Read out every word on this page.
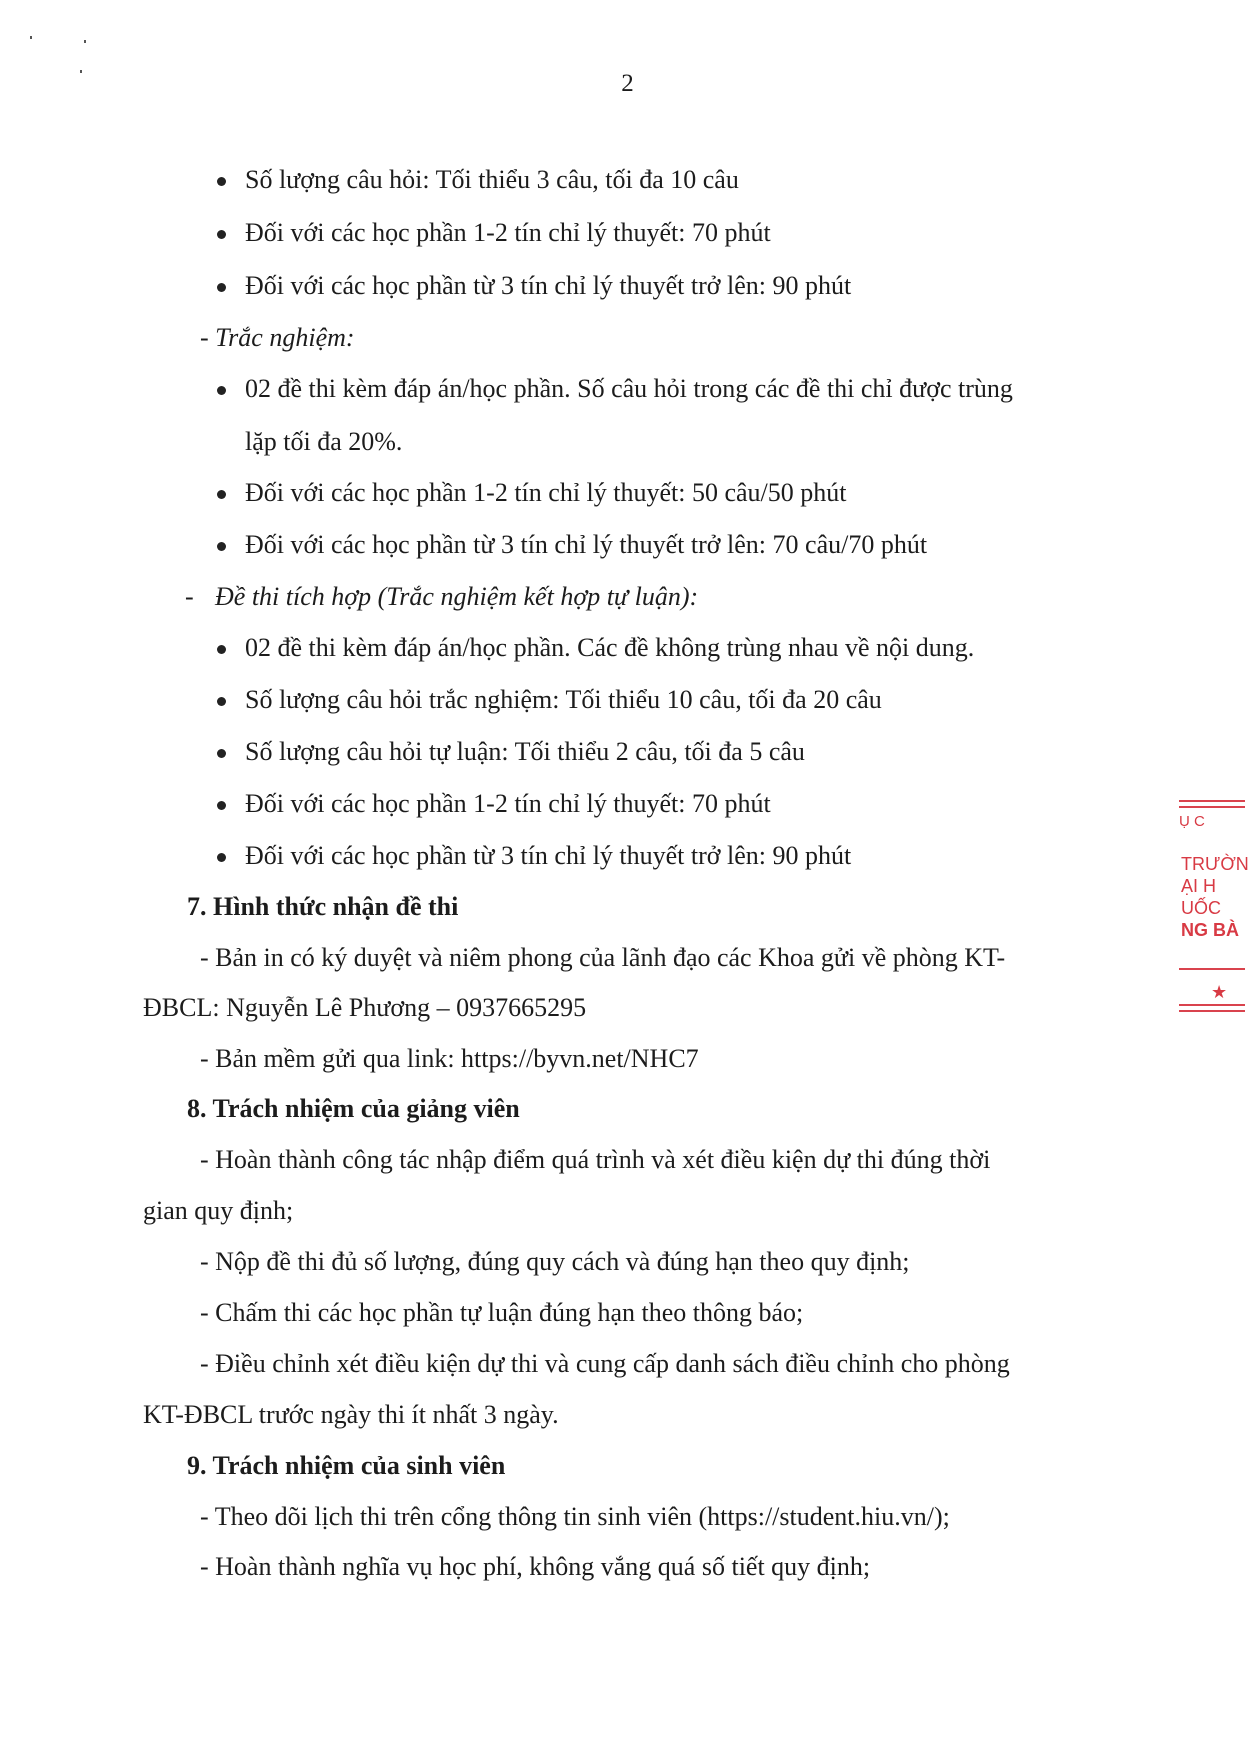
2
Số lượng câu hỏi: Tối thiểu 3 câu, tối đa 10 câu
Đối với các học phần 1-2 tín chỉ lý thuyết: 70 phút
Đối với các học phần từ 3 tín chỉ lý thuyết trở lên: 90 phút
- Trắc nghiệm:
02 đề thi kèm đáp án/học phần. Số câu hỏi trong các đề thi chỉ được trùng
lặp tối đa 20%.
Đối với các học phần 1-2 tín chỉ lý thuyết: 50 câu/50 phút
Đối với các học phần từ 3 tín chỉ lý thuyết trở lên: 70 câu/70 phút
- Đề thi tích hợp (Trắc nghiệm kết hợp tự luận):
02 đề thi kèm đáp án/học phần. Các đề không trùng nhau về nội dung.
Số lượng câu hỏi trắc nghiệm: Tối thiểu 10 câu, tối đa 20 câu
Số lượng câu hỏi tự luận: Tối thiểu 2 câu, tối đa 5 câu
Đối với các học phần 1-2 tín chỉ lý thuyết: 70 phút
Đối với các học phần từ 3 tín chỉ lý thuyết trở lên: 90 phút
7. Hình thức nhận đề thi
- Bản in có ký duyệt và niêm phong của lãnh đạo các Khoa gửi về phòng KT-
ĐBCL: Nguyễn Lê Phương – 0937665295
- Bản mềm gửi qua link: https://byvn.net/NHC7
8. Trách nhiệm của giảng viên
- Hoàn thành công tác nhập điểm quá trình và xét điều kiện dự thi đúng thời
gian quy định;
- Nộp đề thi đủ số lượng, đúng quy cách và đúng hạn theo quy định;
- Chấm thi các học phần tự luận đúng hạn theo thông báo;
- Điều chỉnh xét điều kiện dự thi và cung cấp danh sách điều chỉnh cho phòng
KT-ĐBCL trước ngày thi ít nhất 3 ngày.
9. Trách nhiệm của sinh viên
- Theo dõi lịch thi trên cổng thông tin sinh viên (https://student.hiu.vn/);
- Hoàn thành nghĩa vụ học phí, không vắng quá số tiết quy định;
Ụ C
TRƯỜN
ẠI H
UỐC
NG BÀ
★
